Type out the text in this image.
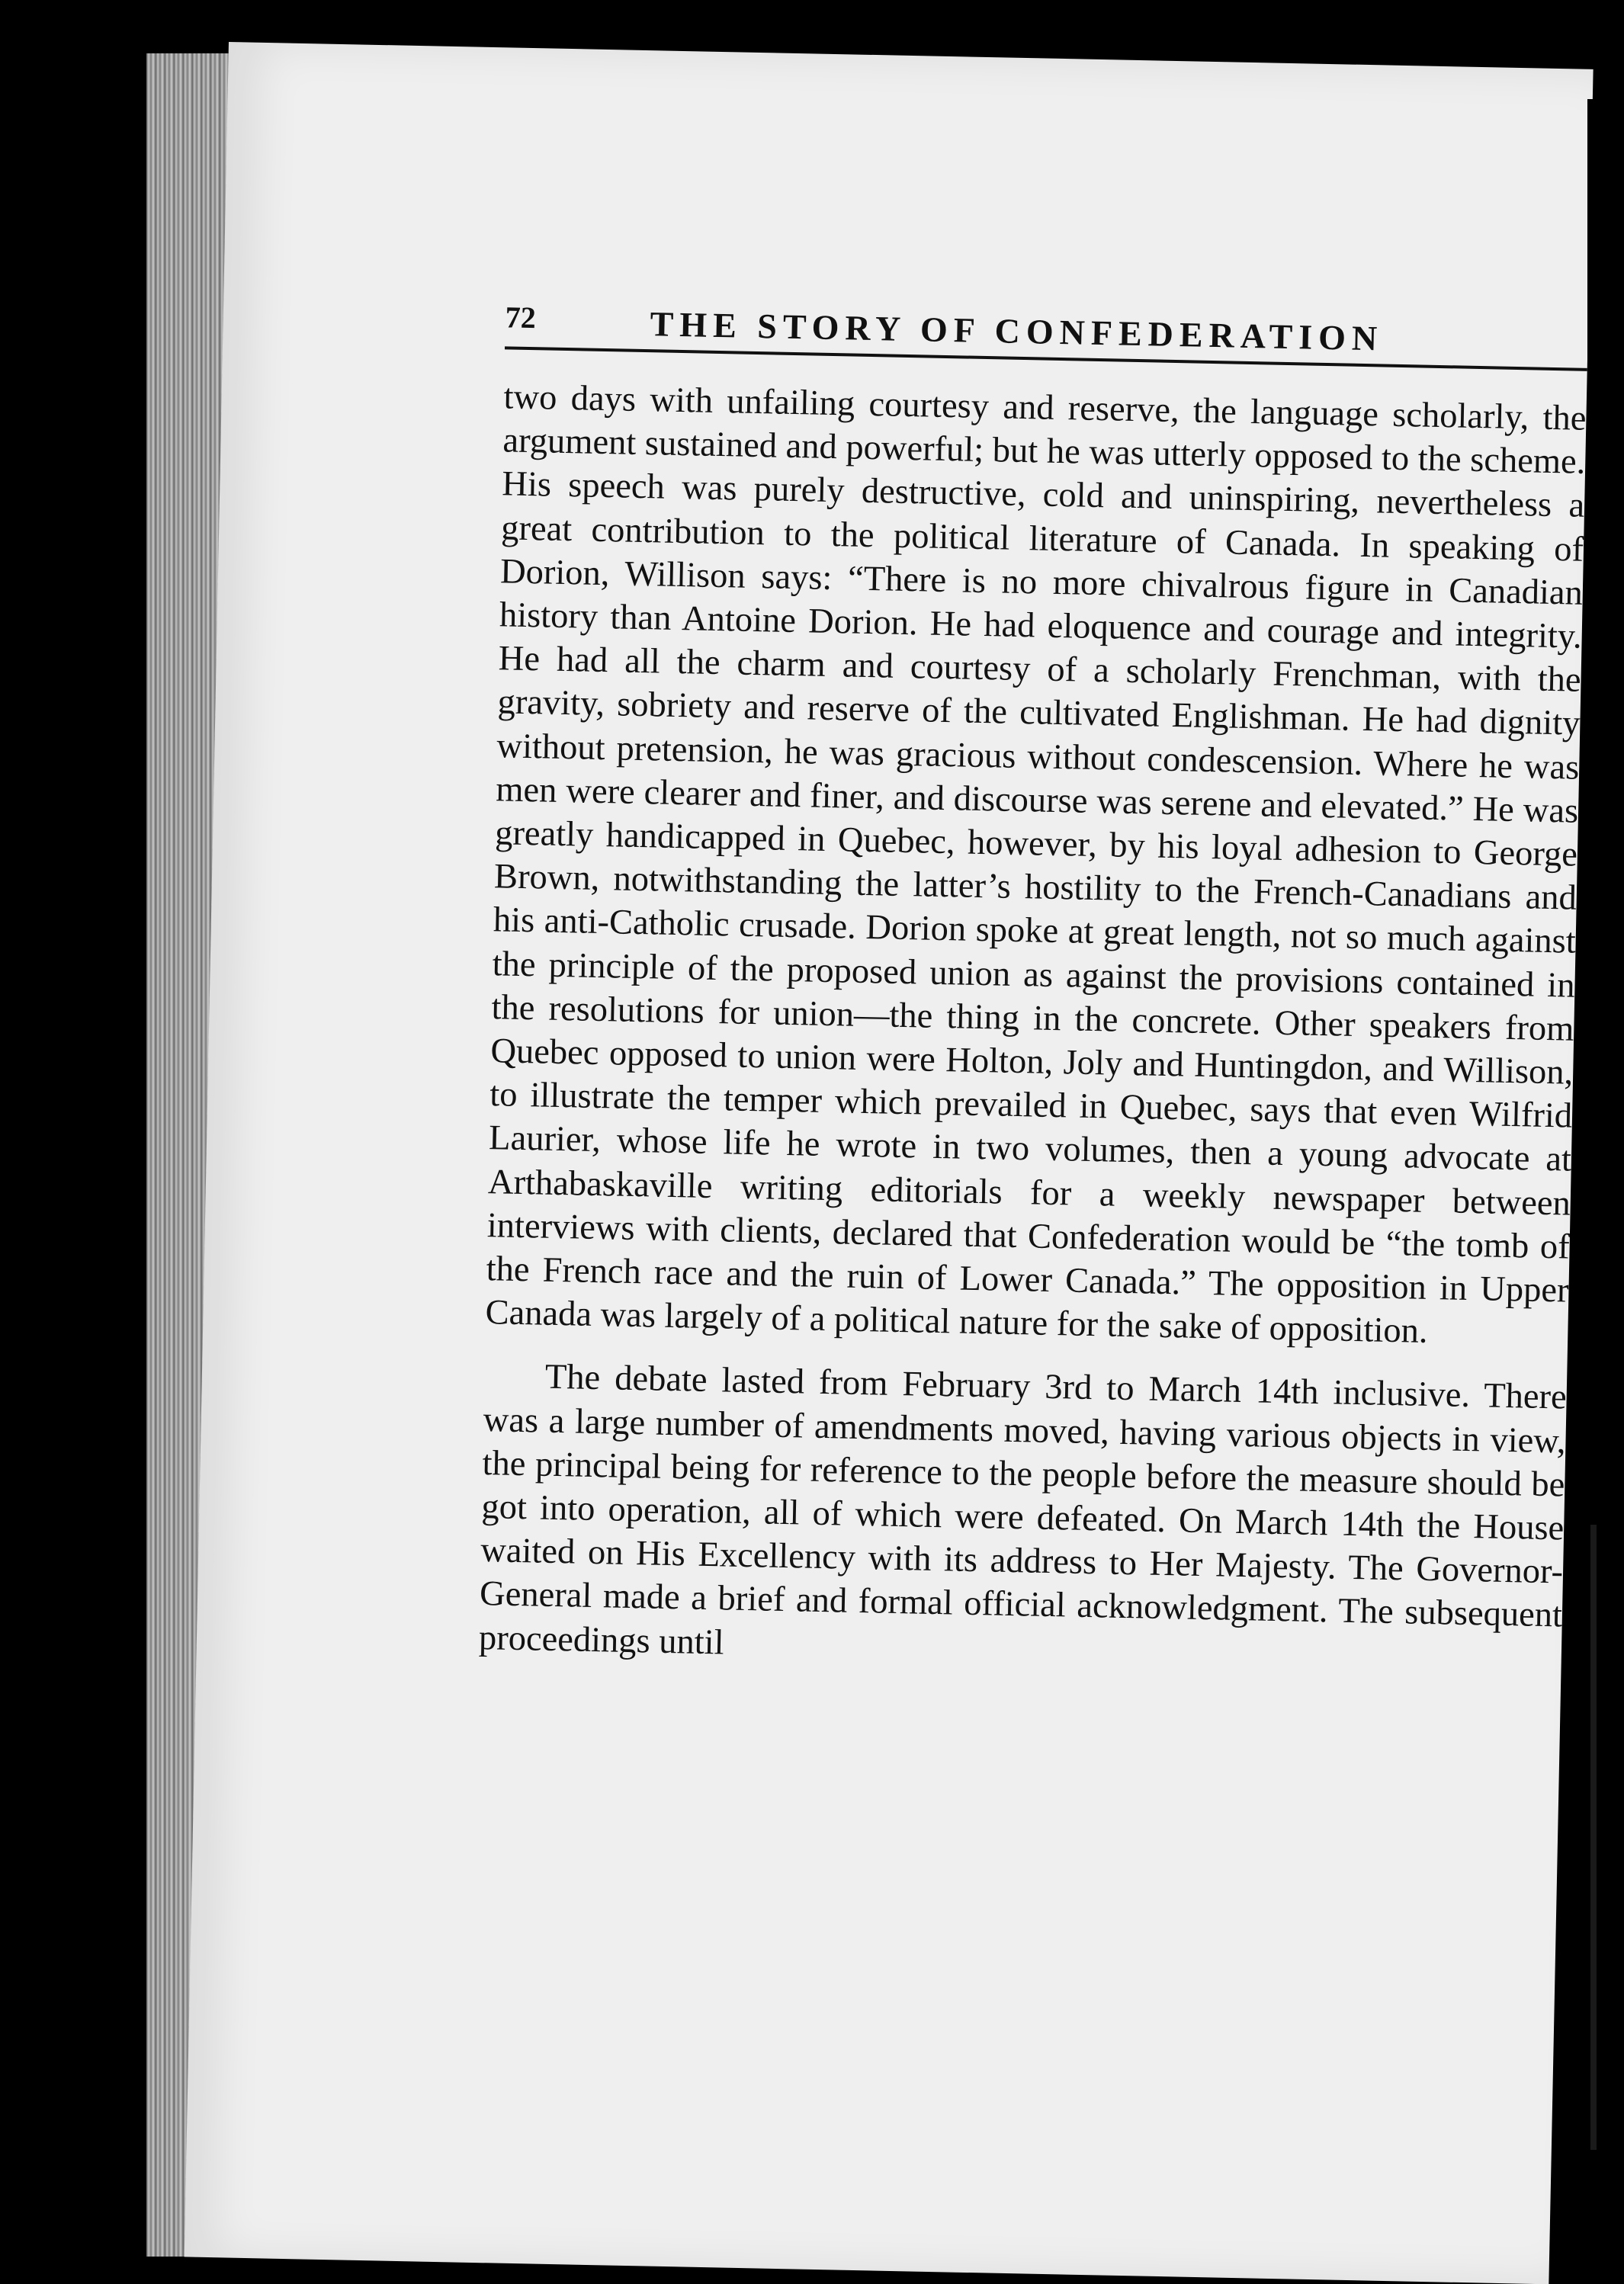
72	THE STORY OF CONFEDERATION

two days with unfailing courtesy and reserve, the language scholarly, the argument sustained and powerful; but he was utterly opposed to the scheme. His speech was purely destructive, cold and uninspiring, nevertheless a great contribution to the political literature of Canada. In speaking of Dorion, Willison says: “There is no more chivalrous figure in Canadian history than Antoine Dorion. He had eloquence and courage and integrity. He had all the charm and courtesy of a scholarly Frenchman, with the gravity, sobriety and reserve of the cultivated Englishman. He had dignity without pretension, he was gracious without condescension. Where he was men were clearer and finer, and discourse was serene and elevated.” He was greatly handicapped in Quebec, however, by his loyal adhesion to George Brown, notwithstanding the latter’s hostility to the French-Canadians and his anti-Catholic crusade. Dorion spoke at great length, not so much against the principle of the proposed union as against the provisions contained in the resolutions for union—the thing in the concrete. Other speakers from Quebec opposed to union were Holton, Joly and Huntingdon, and Willison, to illustrate the temper which prevailed in Quebec, says that even Wilfrid Laurier, whose life he wrote in two volumes, then a young advocate at Arthabaskaville writing editorials for a weekly newspaper between interviews with clients, declared that Confederation would be “the tomb of the French race and the ruin of Lower Canada.” The opposition in Upper Canada was largely of a political nature for the sake of opposition.

The debate lasted from February 3rd to March 14th inclusive. There was a large number of amendments moved, having various objects in view, the principal being for reference to the people before the measure should be got into operation, all of which were defeated. On March 14th the House waited on His Excellency with its address to Her Majesty. The Governor-General made a brief and formal official acknowledgment. The subsequent proceedings until
